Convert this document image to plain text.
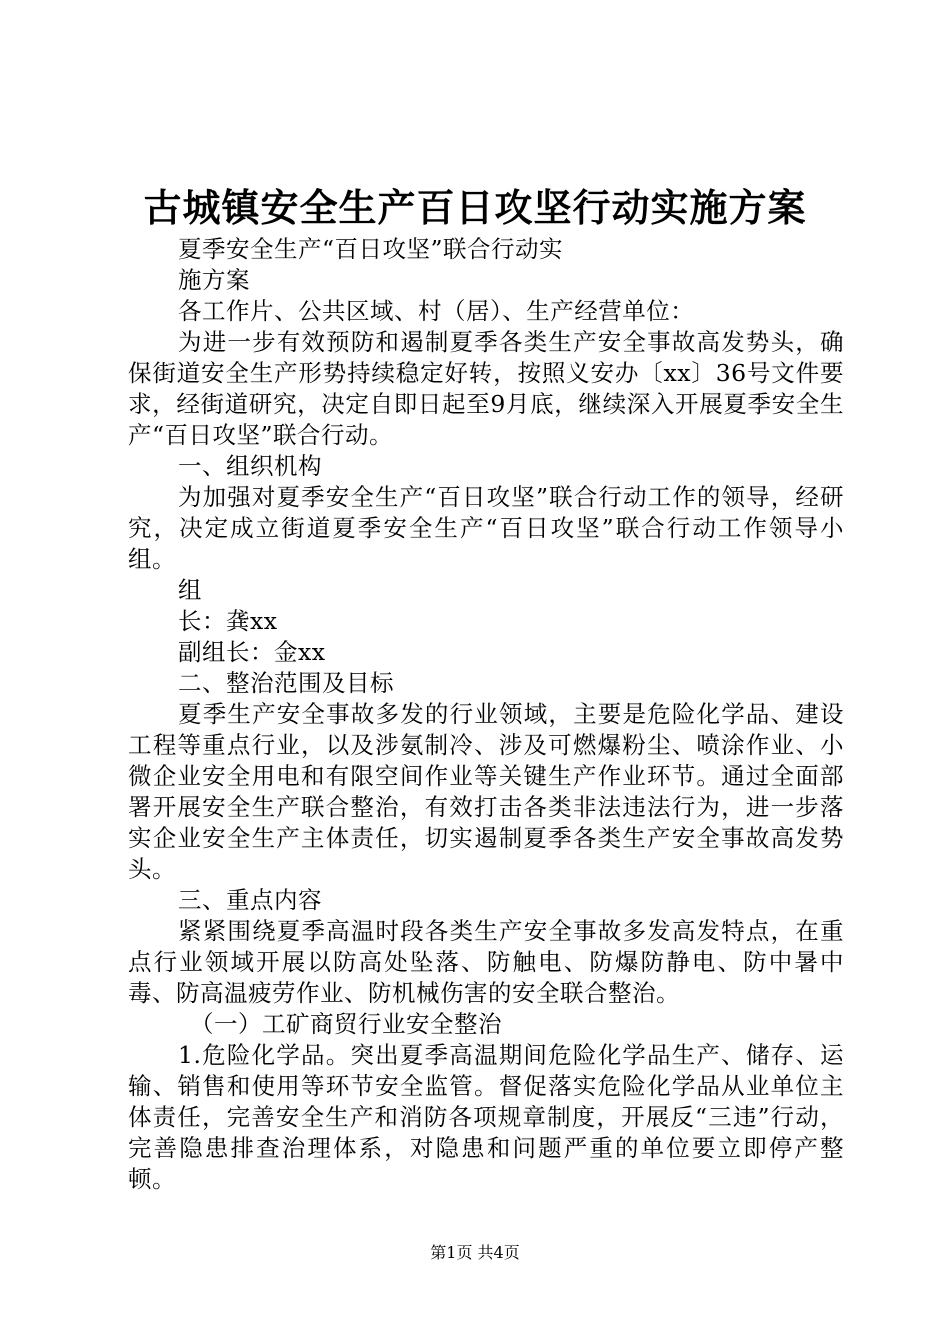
古城镇安全生产百日攻坚行动实施方案

夏季安全生产“百日攻坚”联合行动实

施方案

各工作片、公共区域、村（居）、生产经营单位：

为进一步有效预防和遏制夏季各类生产安全事故高发势头，确保街道安全生产形势持续稳定好转，按照义安办〔xx〕36号文件要求，经街道研究，决定自即日起至9月底，继续深入开展夏季安全生产“百日攻坚”联合行动。

一、组织机构

为加强对夏季安全生产“百日攻坚”联合行动工作的领导，经研究，决定成立街道夏季安全生产“百日攻坚”联合行动工作领导小组。

组

长：龚xx

副组长：金xx

二、整治范围及目标

夏季生产安全事故多发的行业领域，主要是危险化学品、建设工程等重点行业，以及涉氨制冷、涉及可燃爆粉尘、喷涂作业、小微企业安全用电和有限空间作业等关键生产作业环节。通过全面部署开展安全生产联合整治，有效打击各类非法违法行为，进一步落实企业安全生产主体责任，切实遏制夏季各类生产安全事故高发势头。

三、重点内容

紧紧围绕夏季高温时段各类生产安全事故多发高发特点，在重点行业领域开展以防高处坠落、防触电、防爆防静电、防中暑中毒、防高温疲劳作业、防机械伤害的安全联合整治。

（一）工矿商贸行业安全整治

1.危险化学品。突出夏季高温期间危险化学品生产、储存、运输、销售和使用等环节安全监管。督促落实危险化学品从业单位主体责任，完善安全生产和消防各项规章制度，开展反“三违”行动，完善隐患排查治理体系，对隐患和问题严重的单位要立即停产整顿。

第1页 共4页
